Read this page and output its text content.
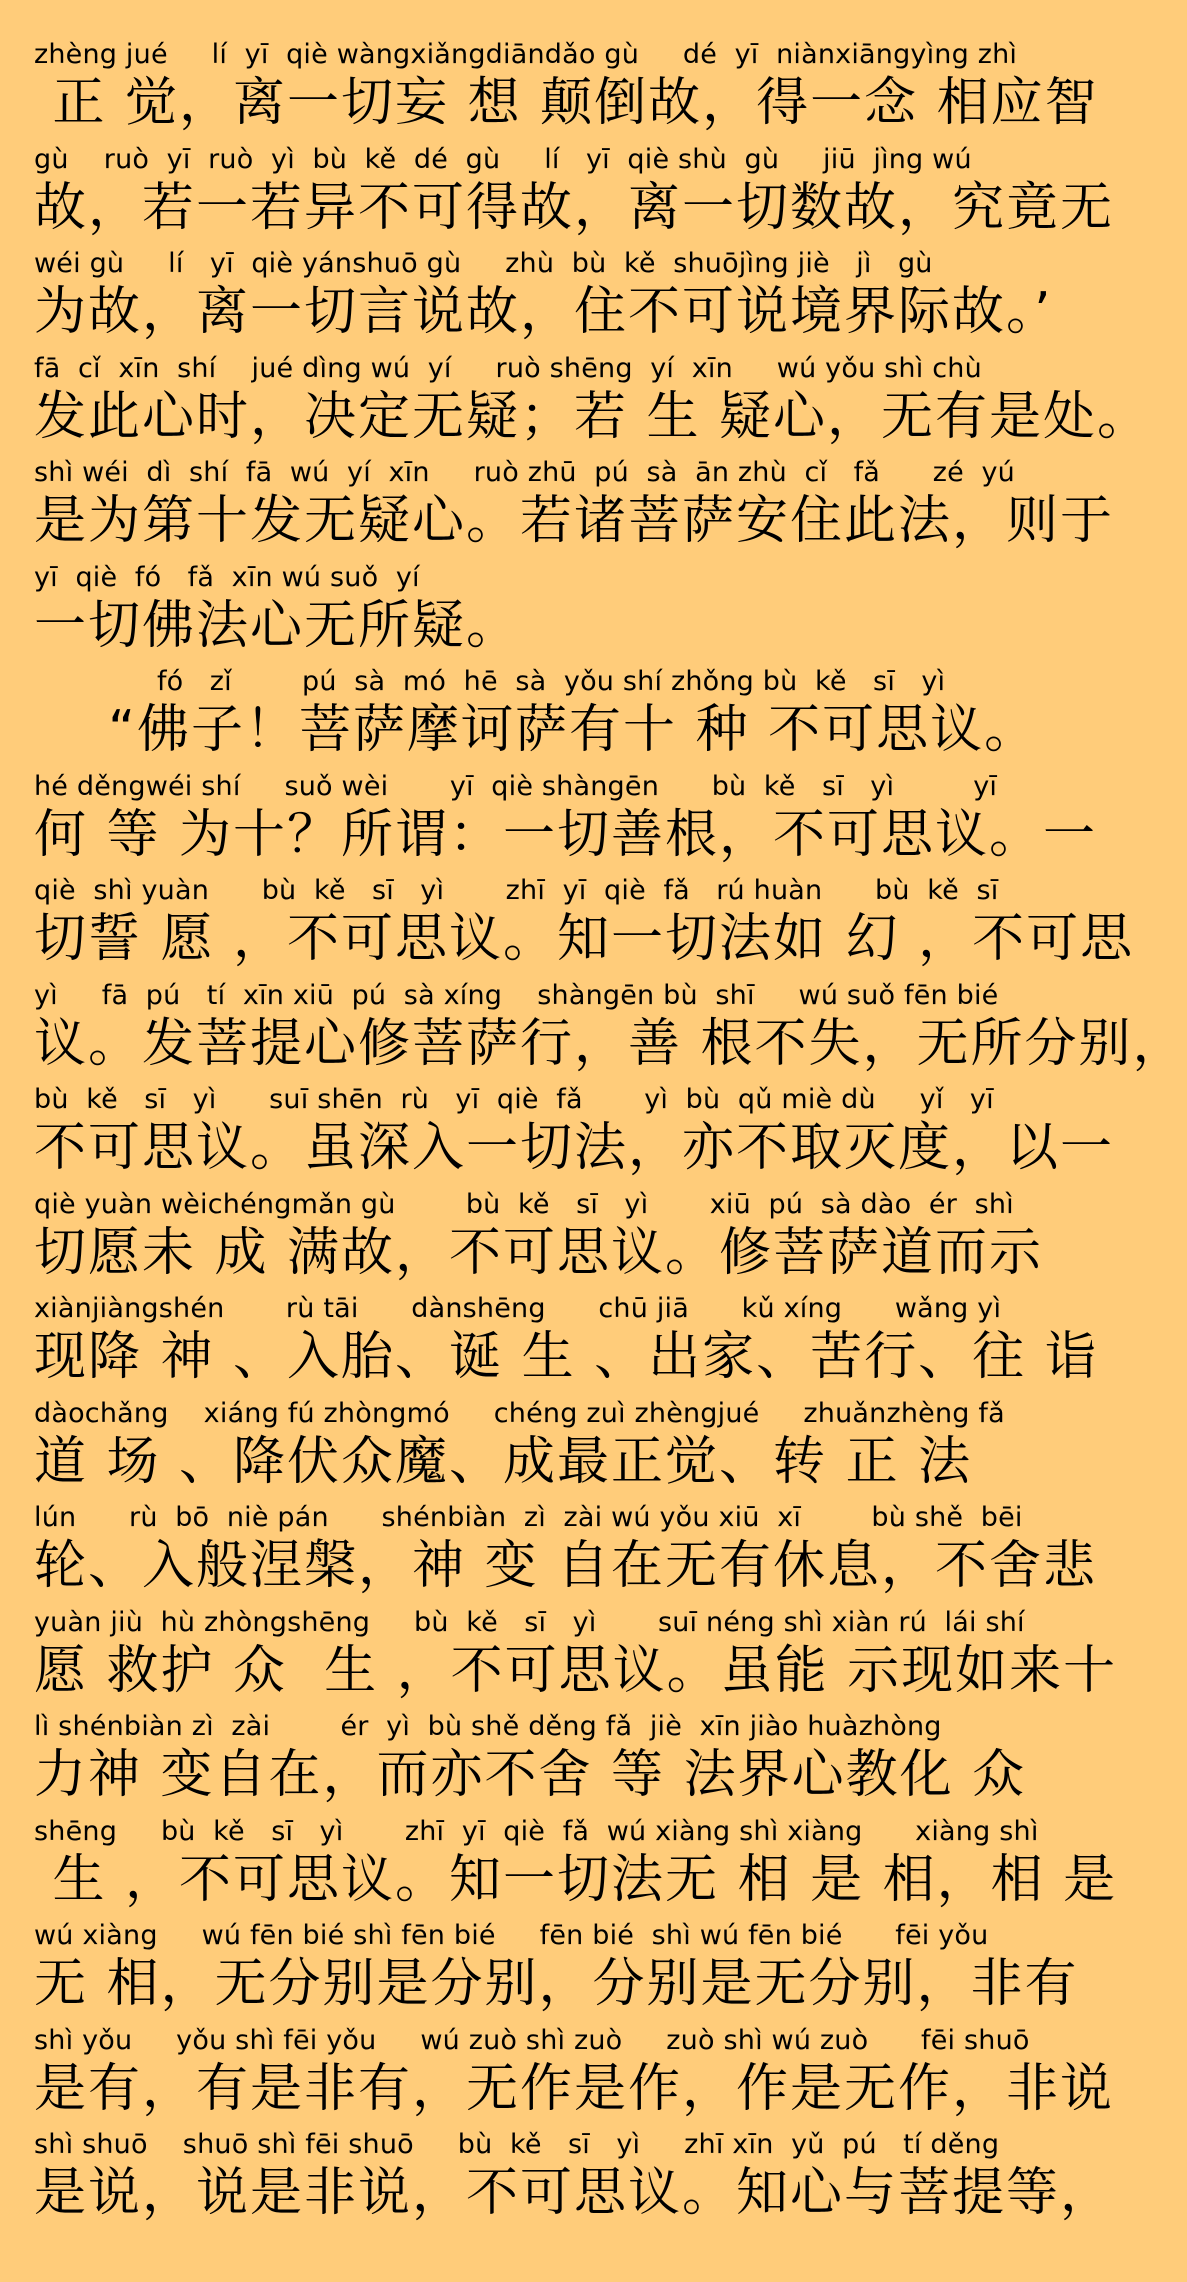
zhèng jué     lí  yī  qiè wàngxiǎngdiāndǎo gù     dé  yī  niànxiāngyìng zhì
正 觉，离一切妄 想 颠倒故，得一念 相应智
gù    ruò  yī  ruò  yì  bù  kě  dé  gù     lí   yī  qiè shù  gù     jiū  jìng wú
故，若一若异不可得故，离一切数故，究竟无
wéi gù     lí   yī  qiè yánshuō gù     zhù  bù  kě  shuōjìng jiè   jì   gù
为故，离一切言说故，住不可说境界际故。’
fā  cǐ  xīn  shí    jué dìng wú  yí     ruò shēng  yí  xīn     wú yǒu shì chù
发此心时，决定无疑；若 生 疑心，无有是处。
shì wéi  dì  shí  fā  wú  yí  xīn     ruò zhū  pú  sà  ān zhù  cǐ   fǎ      zé  yú
是为第十发无疑心。若诸菩萨安住此法，则于
yī  qiè  fó   fǎ  xīn wú suǒ  yí
一切佛法心无所疑。
fó   zǐ        pú  sà  mó  hē  sà  yǒu shí zhǒng bù  kě   sī   yì
“佛子！菩萨摩诃萨有十 种 不可思议。
hé děngwéi shí     suǒ wèi       yī  qiè shàngēn      bù  kě   sī   yì         yī
何 等 为十？所谓：一切善根，不可思议。一
qiè  shì yuàn      bù  kě   sī   yì       zhī  yī  qiè  fǎ   rú huàn      bù  kě  sī
切誓 愿 ，不可思议。知一切法如 幻 ，不可思
yì     fā  pú   tí  xīn xiū  pú  sà xíng    shàngēn bù  shī     wú suǒ fēn bié
议。发菩提心修菩萨行，善 根不失，无所分别，
bù  kě   sī   yì      suī shēn  rù   yī  qiè  fǎ       yì  bù  qǔ miè dù     yǐ   yī
不可思议。虽深入一切法，亦不取灭度，以一
qiè yuàn wèichéngmǎn gù        bù  kě   sī   yì       xiū  pú  sà dào  ér  shì
切愿未 成 满故，不可思议。修菩萨道而示
xiànjiàngshén       rù tāi      dànshēng      chū jiā      kǔ xíng      wǎng yì
现降 神 、入胎、诞 生 、出家、苦行、往 诣
dàochǎng    xiáng fú zhòngmó     chéng zuì zhèngjué     zhuǎnzhèng fǎ
道 场 、降伏众魔、成最正觉、转 正 法
lún      rù  bō  niè pán      shénbiàn  zì  zài wú yǒu xiū  xī        bù shě  bēi
轮、入般涅槃，神 变 自在无有休息，不舍悲
yuàn jiù  hù zhòngshēng     bù  kě   sī   yì       suī néng shì xiàn rú  lái shí
愿 救护 众  生 ，不可思议。虽能 示现如来十
lì shénbiàn zì  zài        ér  yì  bù shě děng fǎ  jiè  xīn jiào huàzhòng
力神 变自在，而亦不舍 等 法界心教化 众
shēng     bù  kě   sī   yì       zhī  yī  qiè  fǎ  wú xiàng shì xiàng      xiàng shì
生 ，不可思议。知一切法无 相 是 相，相 是
wú xiàng     wú fēn bié shì fēn bié     fēn bié  shì wú fēn bié      fēi yǒu
无 相，无分别是分别，分别是无分别，非有
shì yǒu     yǒu shì fēi yǒu     wú zuò shì zuò     zuò shì wú zuò      fēi shuō
是有，有是非有，无作是作，作是无作，非说
shì shuō    shuō shì fēi shuō     bù  kě   sī   yì     zhī xīn  yǔ  pú   tí děng
是说，说是非说，不可思议。知心与菩提等，
